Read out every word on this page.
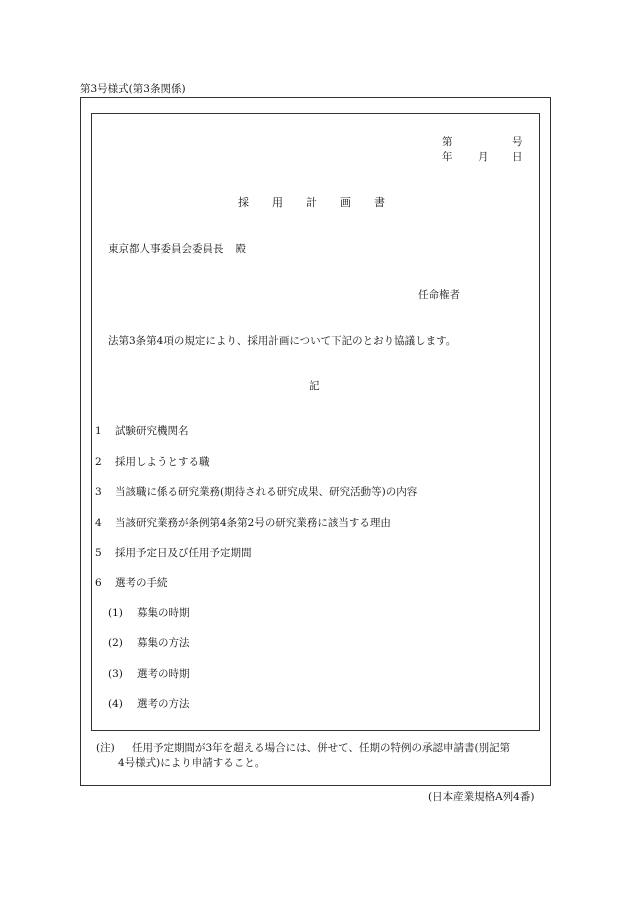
第3号様式(第3条関係)
第	号
年 月 日
採 用 計 画 書
東京都人事委員会委員長 殿
任命権者
法第3条第4項の規定により、採用計画について下記のとおり協議します。
記
1 試験研究機関名
2 採用しようとする職
3 当該職に係る研究業務(期待される研究成果、研究活動等)の内容
4 当該研究業務が条例第4条第2号の研究業務に該当する理由
5 採用予定日及び任用予定期間
6 選考の手続
(1) 募集の時期
(2) 募集の方法
(3) 選考の時期
(4) 選考の方法
(注) 任用予定期間が3年を超える場合には、併せて、任期の特例の承認申請書(別記第
4号様式)により申請すること。
(日本産業規格A列4番)
